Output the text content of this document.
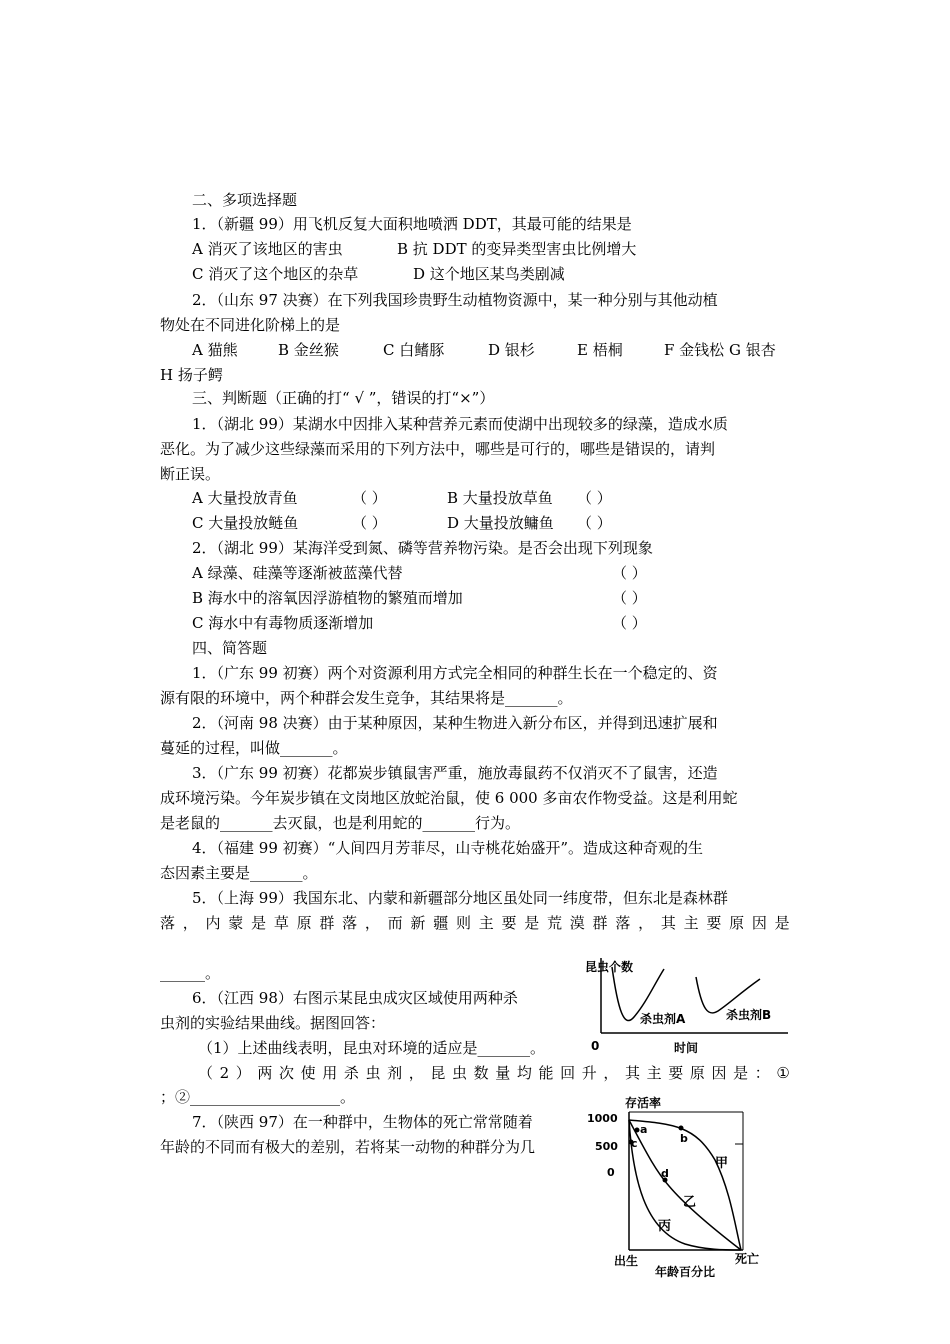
二、多项选择题
1．（新疆 99）用飞机反复大面积地喷洒 DDT，其最可能的结果是
A 消灭了该地区的害虫	B 抗 DDT 的变异类型害虫比例增大
C 消灭了这个地区的杂草	D 这个地区某鸟类剧减
2．（山东 97 决赛）在下列我国珍贵野生动植物资源中，某一种分别与其他动植
物处在不同进化阶梯上的是
A 猫熊	B 金丝猴	C 白鳍豚	D 银杉	E 梧桐	F 金钱松 G 银杏
H 扬子鳄
三、判断题（正确的打“ √ ”，错误的打“×”）
1．（湖北 99）某湖水中因排入某种营养元素而使湖中出现较多的绿藻，造成水质
恶化。为了减少这些绿藻而采用的下列方法中，哪些是可行的，哪些是错误的，请判
断正误。
A 大量投放青鱼	（ ）	B 大量投放草鱼 （ ）
C 大量投放鲢鱼	（ ）	D 大量投放鳙鱼 （ ）
2．（湖北 99）某海洋受到氮、磷等营养物污染。是否会出现下列现象
A 绿藻、硅藻等逐渐被蓝藻代替	（ ）
B 海水中的溶氧因浮游植物的繁殖而增加	（ ）
C 海水中有毒物质逐渐增加	（ ）
四、简答题
1．（广东 99 初赛）两个对资源利用方式完全相同的种群生长在一个稳定的、资
源有限的环境中，两个种群会发生竞争，其结果将是_______。
2．（河南 98 决赛）由于某种原因，某种生物进入新分布区，并得到迅速扩展和
蔓延的过程，叫做_______。
3．（广东 99 初赛）花都炭步镇鼠害严重，施放毒鼠药不仅消灭不了鼠害，还造
成环境污染。今年炭步镇在文岗地区放蛇治鼠，使 6 000 多亩农作物受益。这是利用蛇
是老鼠的_______去灭鼠，也是利用蛇的_______行为。
4．（福建 99 初赛）“人间四月芳菲尽，山寺桃花始盛开”。造成这种奇观的生
态因素主要是_______。
5．（上海 99）我国东北、内蒙和新疆部分地区虽处同一纬度带，但东北是森林群
落 ， 内 蒙 是 草 原 群 落 ， 而 新 疆 则 主 要 是 荒 漠 群 落 ， 其 主 要 原 因 是
______。
6．（江西 98）右图示某昆虫成灾区域使用两种杀
虫剂的实验结果曲线。据图回答：
（1）上述曲线表明，昆虫对环境的适应是_______。
（ 2 ） 两 次 使 用 杀 虫 剂 ， 昆 虫 数 量 均 能 回 升 ， 其 主 要 原 因 是 ： ①
；②____________________。
7．（陕西 97）在一种群中，生物体的死亡常常随着
年龄的不同而有极大的差别，若将某一动物的种群分为几
昆虫个数
0
杀虫剂A	杀虫剂B
时间
存活率
1000
500
0
a
b
c
d
甲
乙
丙
出生	死亡
年龄百分比
